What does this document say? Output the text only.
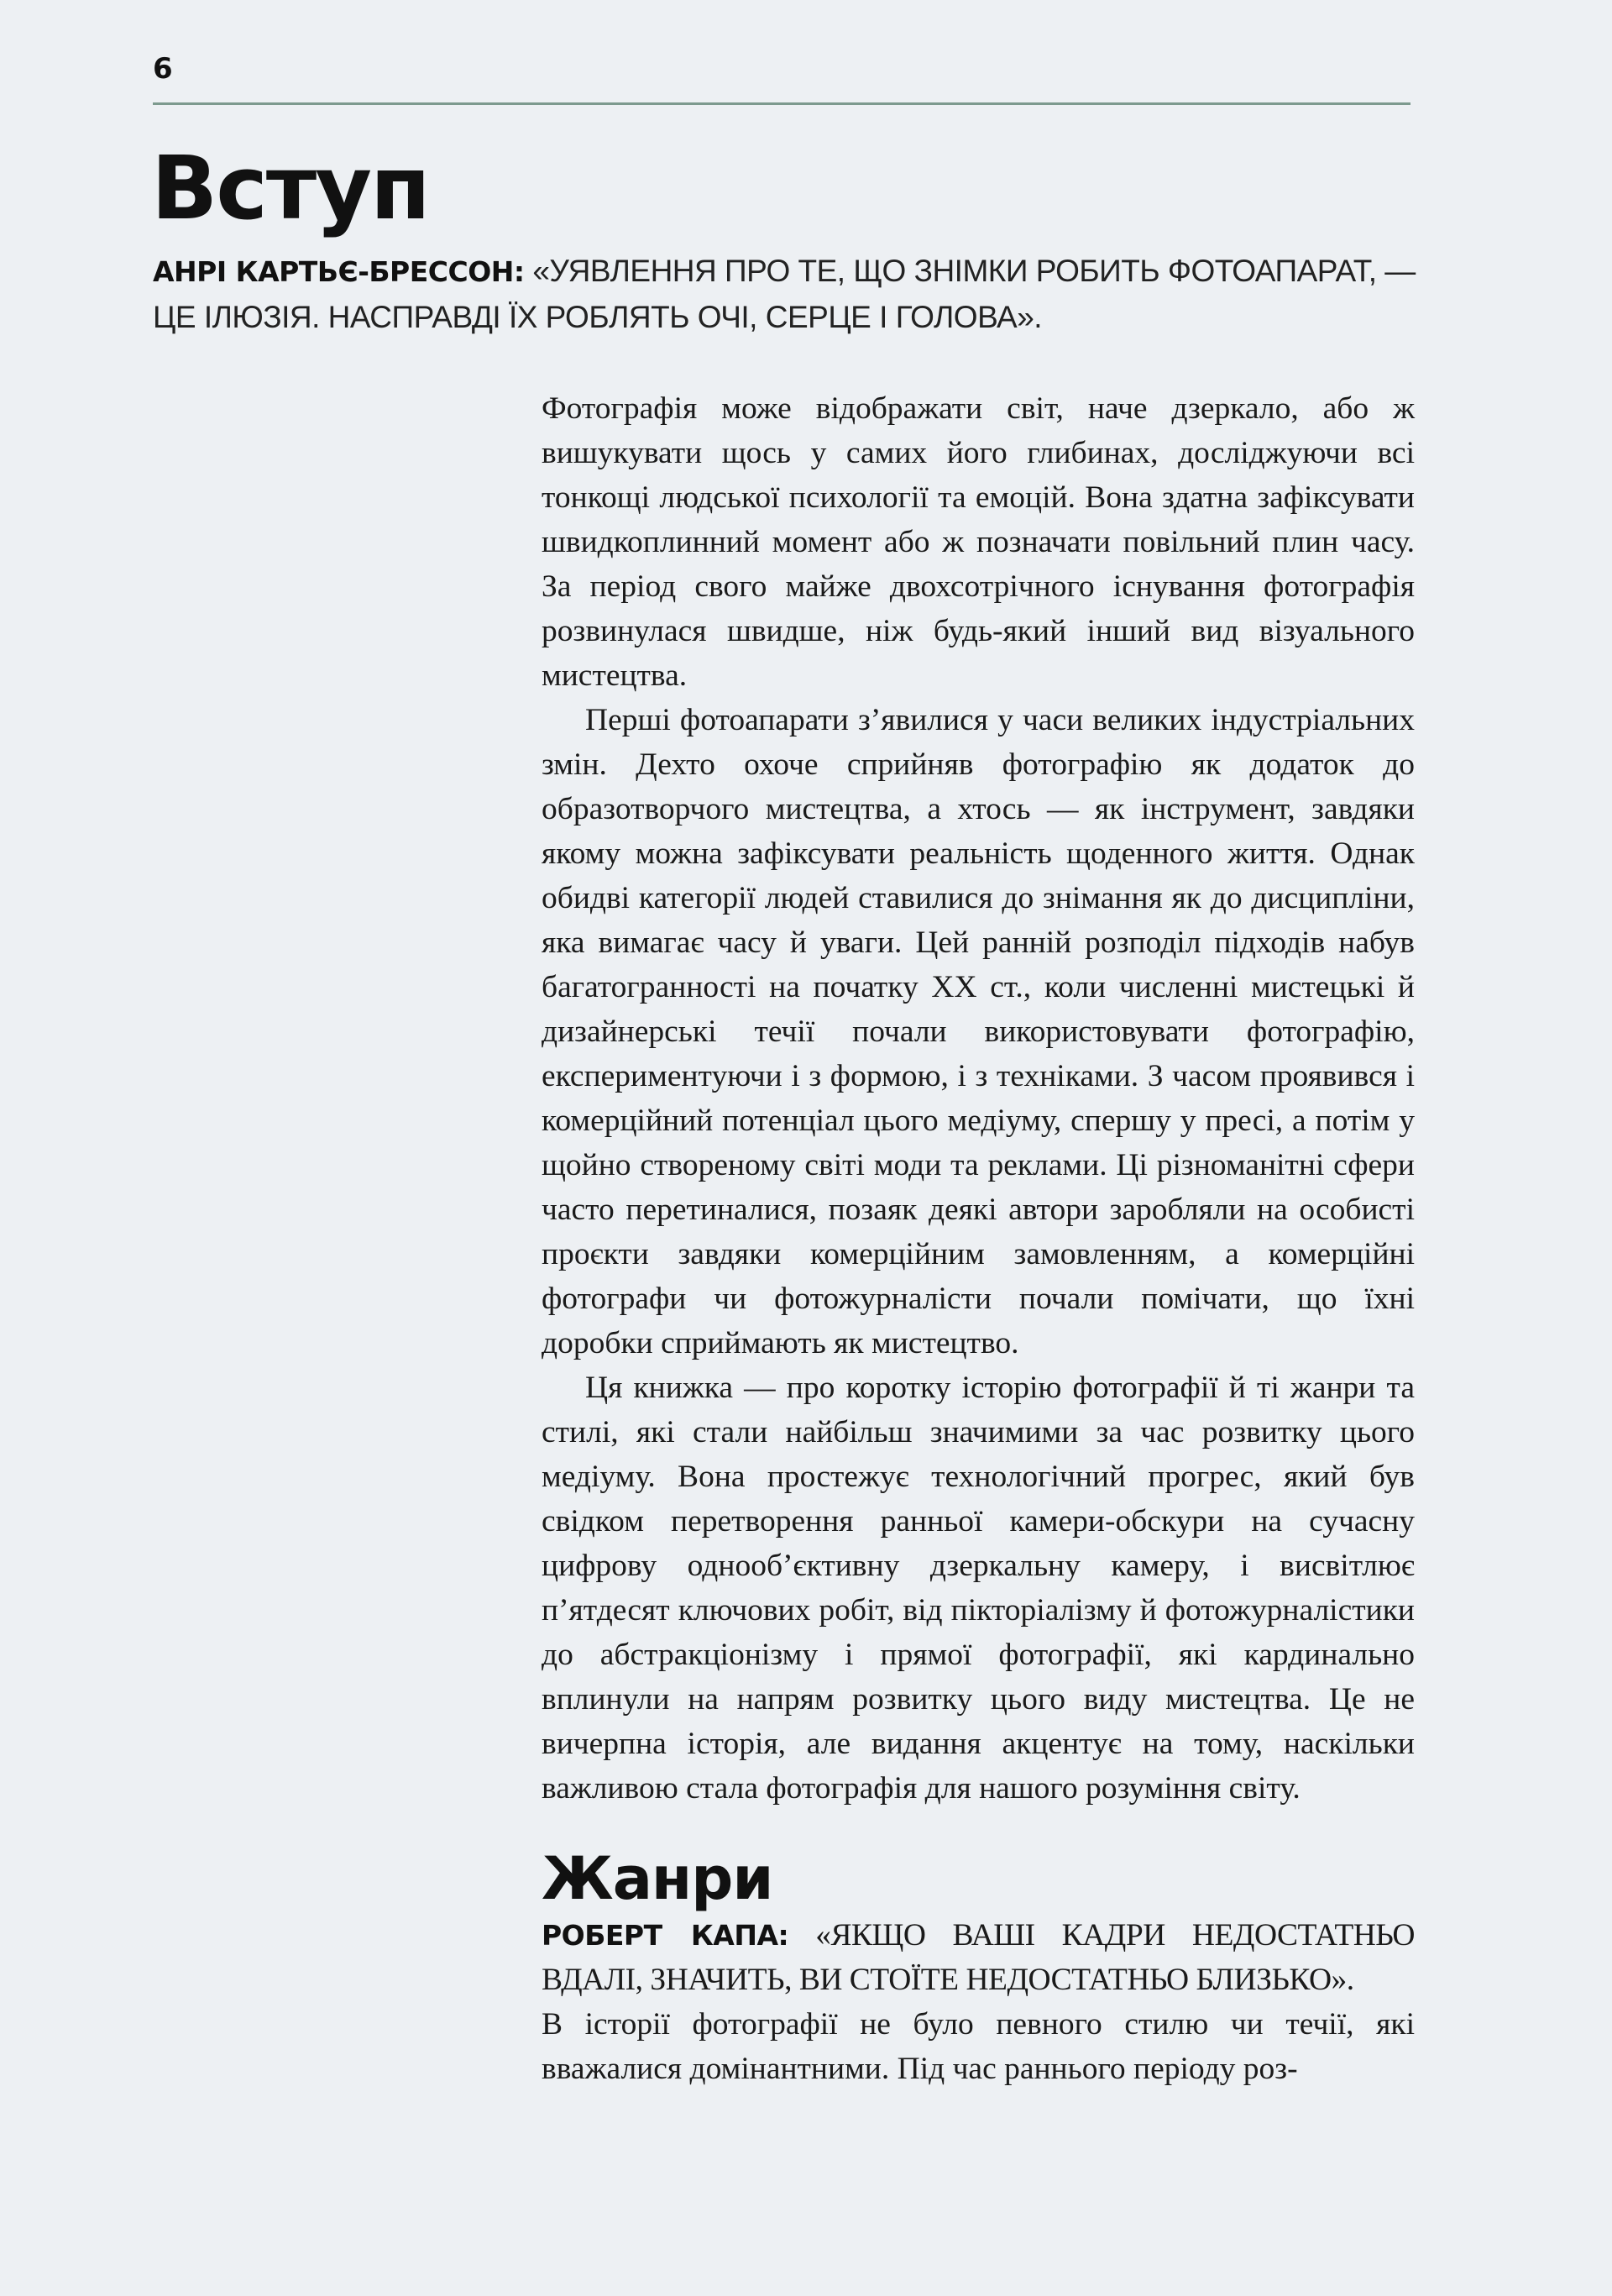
6
Вступ

АНРІ КАРТЬЄ-БРЕССОН: «УЯВЛЕННЯ ПРО ТЕ, ЩО ЗНІМКИ РОБИТЬ ФОТОАПАРАТ, — ЦЕ ІЛЮЗІЯ. НАСПРАВДІ ЇХ РОБЛЯТЬ ОЧІ, СЕРЦЕ І ГОЛОВА».

Фотографія може відображати світ, наче дзеркало, або ж вишукувати щось у самих його глибинах, досліджуючи всі тонкощі людської психології та емоцій. Вона здатна зафіксувати швидкоплинний момент або ж позначати повільний плин часу. За період свого майже двохсотрічного існування фотографія розвинулася швидше, ніж будь-який інший вид візуального мистецтва.

Перші фотоапарати з’явилися у часи великих індустріальних змін. Дехто охоче сприйняв фотографію як додаток до образотворчого мистецтва, а хтось — як інструмент, завдяки якому можна зафіксувати реальність щоденного життя. Однак обидві категорії людей ставилися до знімання як до дисципліни, яка вимагає часу й уваги. Цей ранній розподіл підходів набув багатогранності на початку XX ст., коли численні мистецькі й дизайнерські течії почали використовувати фотографію, експериментуючи і з формою, і з техніками. З часом проявився і комерційний потенціал цього медіуму, спершу у пресі, а потім у щойно створеному світі моди та реклами. Ці різноманітні сфери часто перетиналися, позаяк деякі автори заробляли на особисті проєкти завдяки комерційним замовленням, а комерційні фотографи чи фотожурналісти почали помічати, що їхні доробки сприймають як мистецтво.

Ця книжка — про коротку історію фотографії й ті жанри та стилі, які стали найбільш значимими за час розвитку цього медіуму. Вона простежує технологічний прогрес, який був свідком перетворення ранньої камери-обскури на сучасну цифрову однооб’єктивну дзеркальну камеру, і висвітлює п’ятдесят ключових робіт, від пікторіалізму й фотожурналістики до абстракціонізму і прямої фотографії, які кардинально вплинули на напрям розвитку цього виду мистецтва. Це не вичерпна історія, але видання акцентує на тому, наскільки важливою стала фотографія для нашого розуміння світу.

Жанри

РОБЕРТ КАПА: «ЯКЩО ВАШІ КАДРИ НЕДОСТАТНЬО ВДАЛІ, ЗНАЧИТЬ, ВИ СТОЇТЕ НЕДОСТАТНЬО БЛИЗЬКО».

В історії фотографії не було певного стилю чи течії, які вважалися домінантними. Під час раннього періоду роз-
